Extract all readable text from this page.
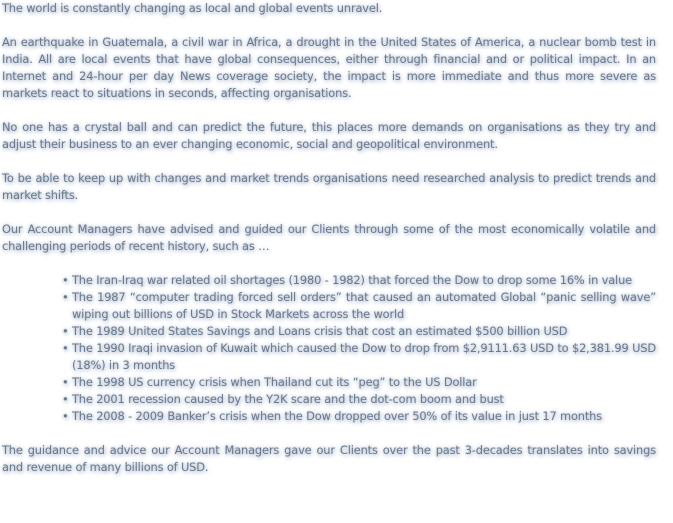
The world is constantly changing as local and global events unravel.

An earthquake in Guatemala, a civil war in Africa, a drought in the United States of America, a nuclear bomb test in India. All are local events that have global consequences, either through financial and or political impact. In an Internet and 24-hour per day News coverage society, the impact is more immediate and thus more severe as markets react to situations in seconds, affecting organisations.

No one has a crystal ball and can predict the future, this places more demands on organisations as they try and adjust their business to an ever changing economic, social and geopolitical environment.

To be able to keep up with changes and market trends organisations need researched analysis to predict trends and market shifts.

Our Account Managers have advised and guided our Clients through some of the most economically volatile and challenging periods of recent history, such as …

• The Iran-Iraq war related oil shortages (1980 - 1982) that forced the Dow to drop some 16% in value
• The 1987 “computer trading forced sell orders” that caused an automated Global “panic selling wave” wiping out billions of USD in Stock Markets across the world
• The 1989 United States Savings and Loans crisis that cost an estimated $500 billion USD
• The 1990 Iraqi invasion of Kuwait which caused the Dow to drop from $2,9111.63 USD to $2,381.99 USD (18%) in 3 months
• The 1998 US currency crisis when Thailand cut its “peg” to the US Dollar
• The 2001 recession caused by the Y2K scare and the dot-com boom and bust
• The 2008 - 2009 Banker’s crisis when the Dow dropped over 50% of its value in just 17 months

The guidance and advice our Account Managers gave our Clients over the past 3-decades translates into savings and revenue of many billions of USD.
